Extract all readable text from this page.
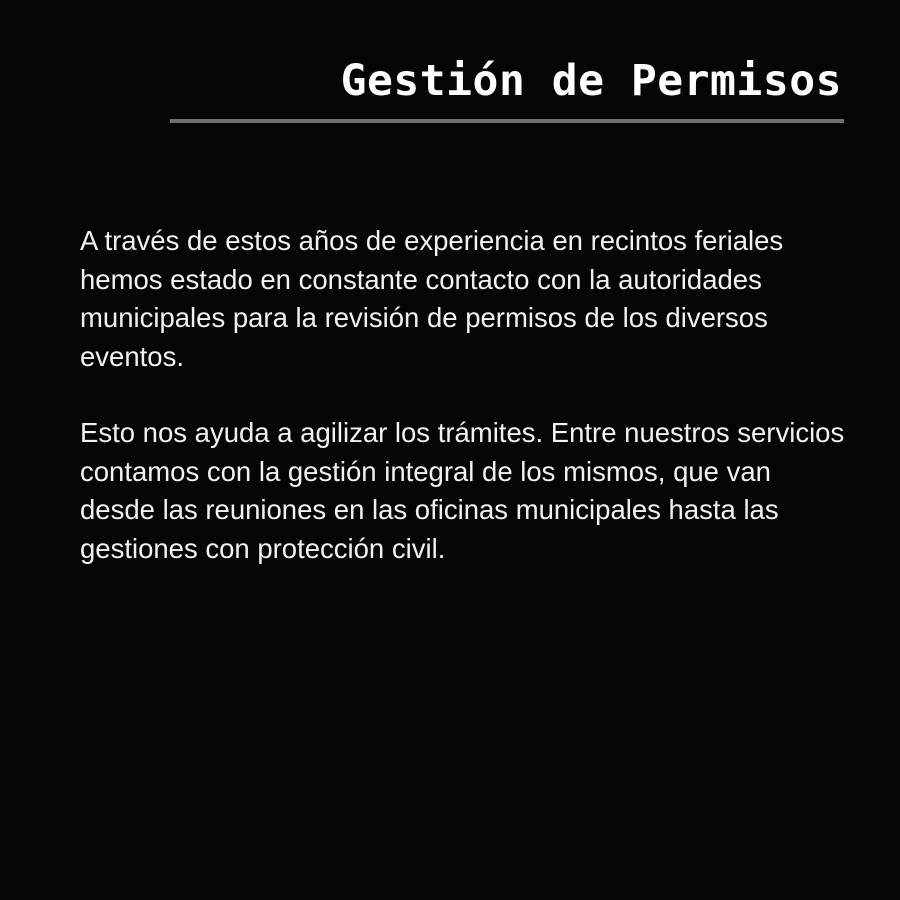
Gestión de Permisos

A través de estos años de experiencia en recintos feriales hemos estado en constante contacto con la autoridades municipales para la revisión de permisos de los diversos eventos.

Esto nos ayuda a agilizar los trámites. Entre nuestros servicios contamos con la gestión integral de los mismos, que van desde las reuniones en las oficinas municipales hasta las gestiones con protección civil.
